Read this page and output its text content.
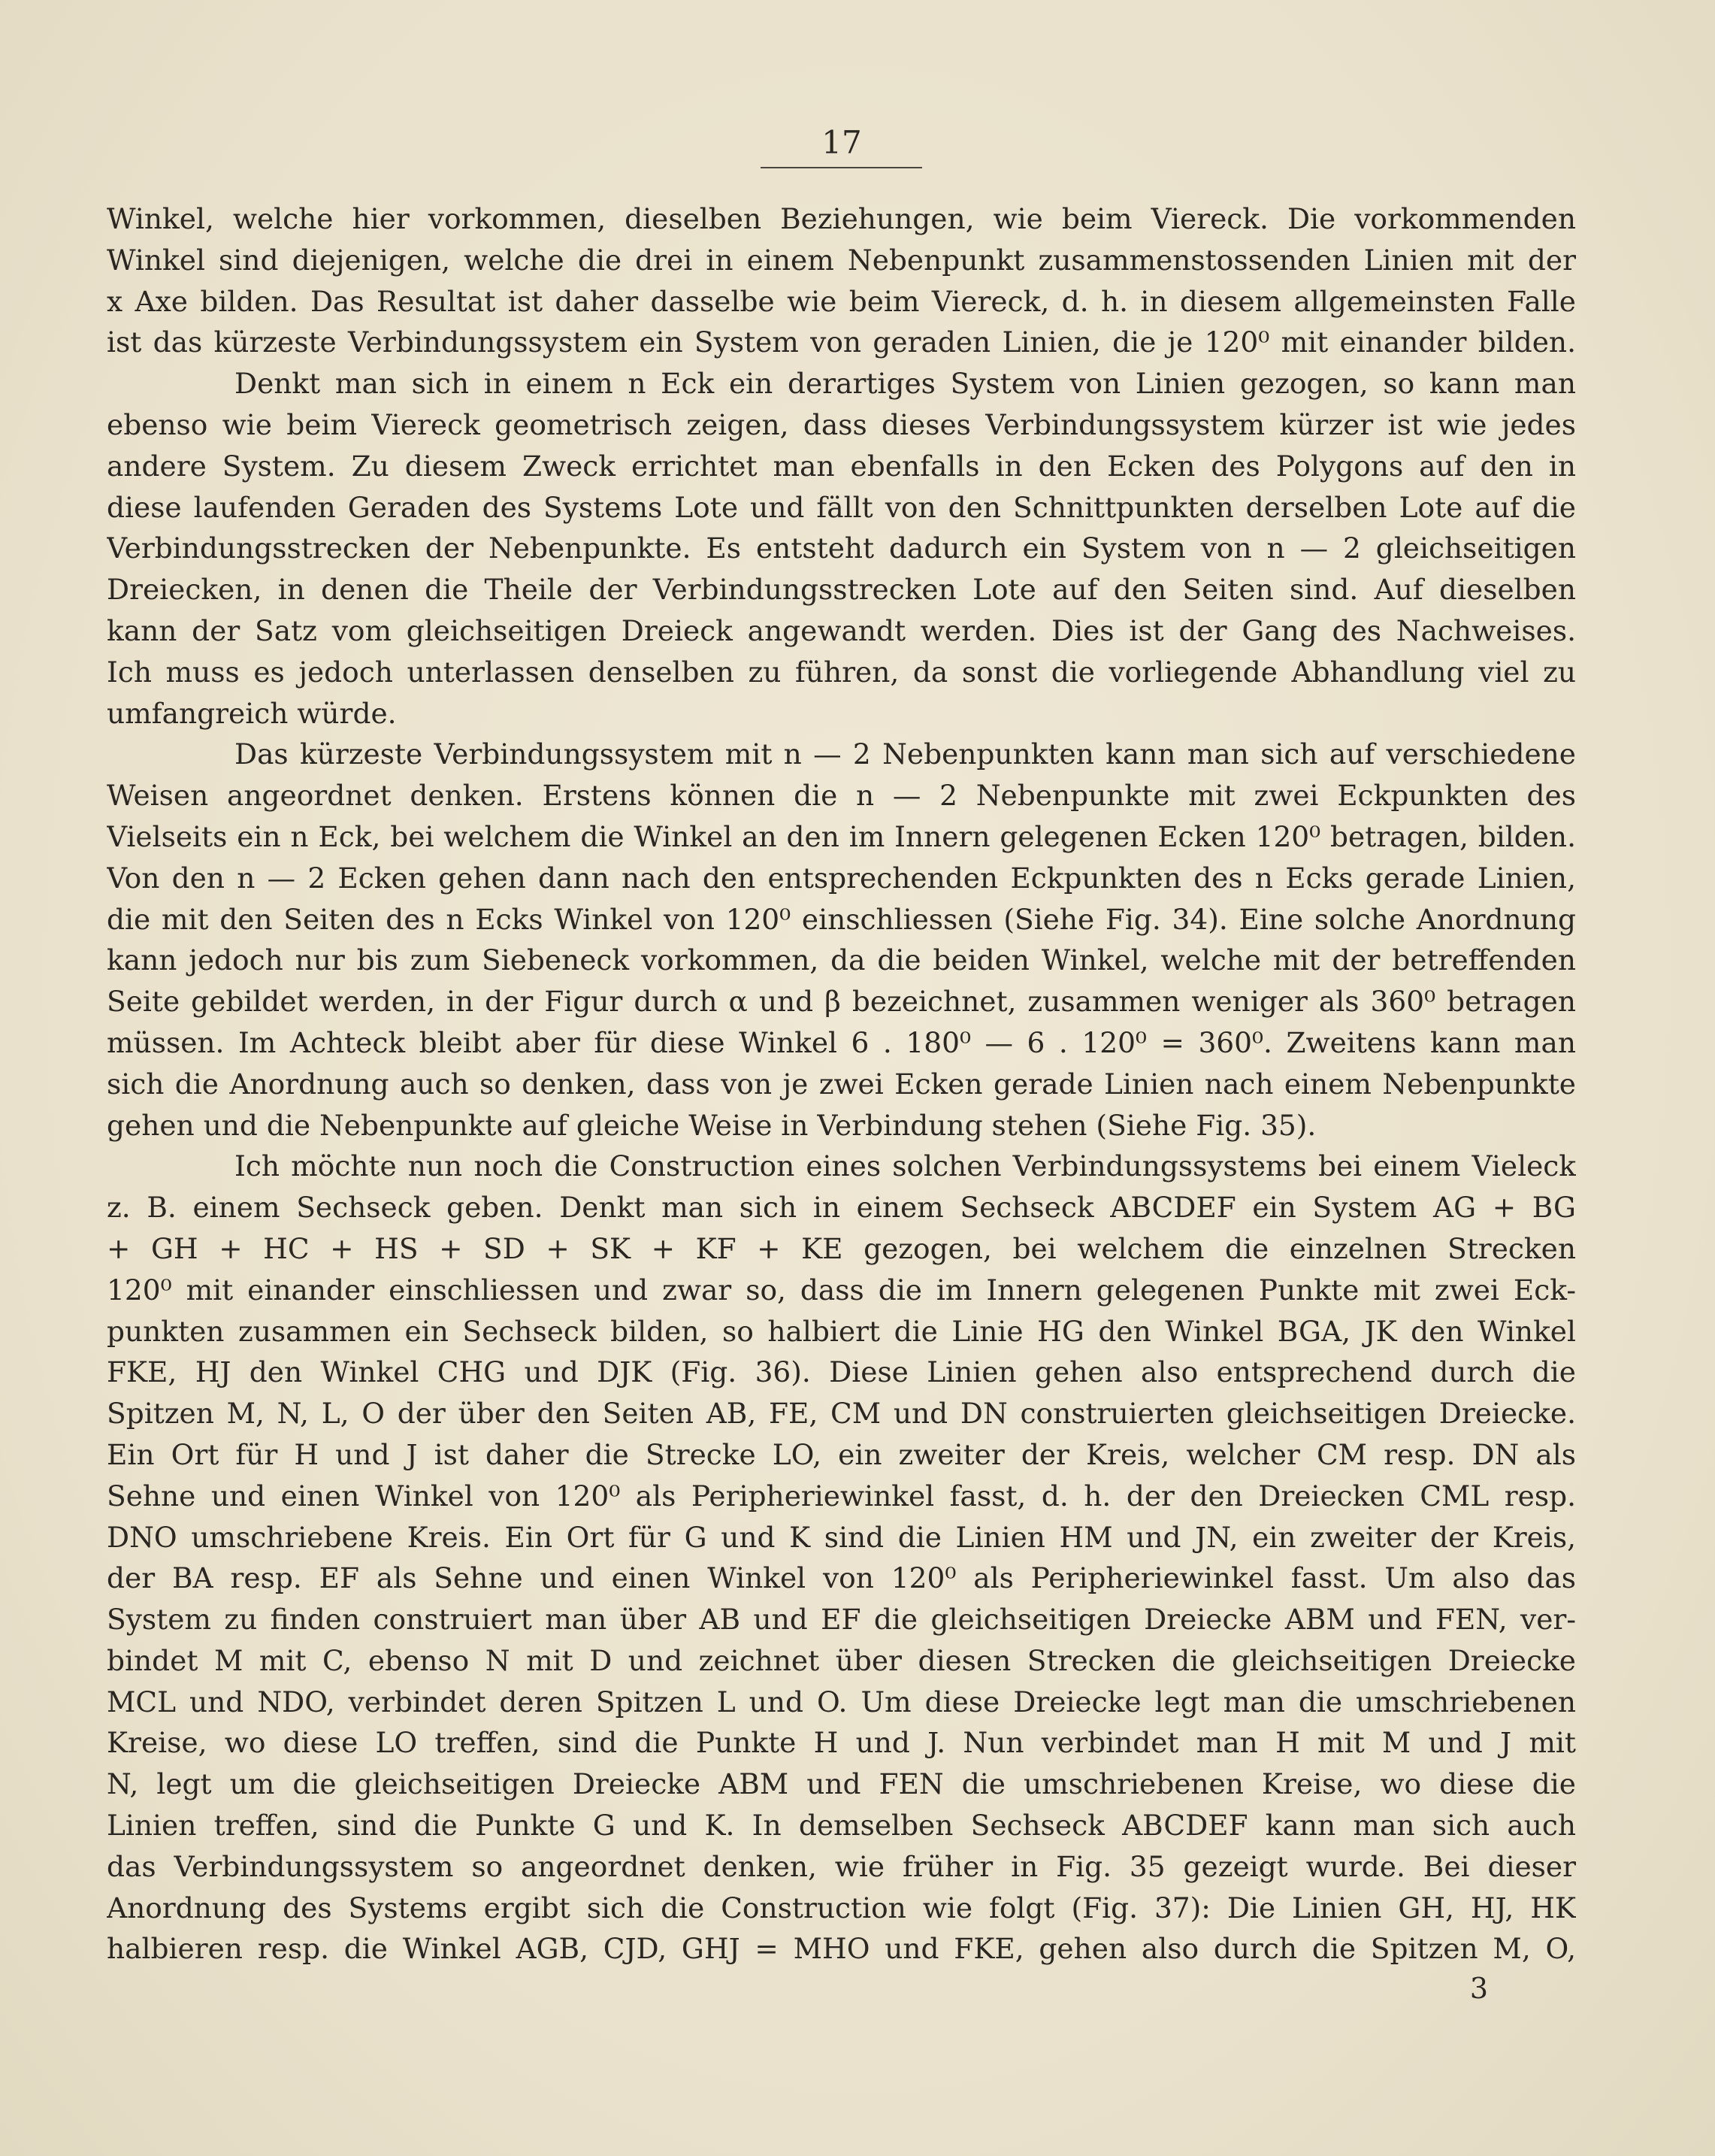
17
Winkel, welche hier vorkommen, dieselben Beziehungen, wie beim Viereck. Die vorkommenden
Winkel sind diejenigen, welche die drei in einem Nebenpunkt zusammenstossenden Linien mit der
x Axe bilden. Das Resultat ist daher dasselbe wie beim Viereck, d. h. in diesem allgemeinsten Falle
ist das kürzeste Verbindungssystem ein System von geraden Linien, die je 120⁰ mit einander bilden.
Denkt man sich in einem n Eck ein derartiges System von Linien gezogen, so kann man
ebenso wie beim Viereck geometrisch zeigen, dass dieses Verbindungssystem kürzer ist wie jedes
andere System. Zu diesem Zweck errichtet man ebenfalls in den Ecken des Polygons auf den in
diese laufenden Geraden des Systems Lote und fällt von den Schnittpunkten derselben Lote auf die
Verbindungsstrecken der Nebenpunkte. Es entsteht dadurch ein System von n — 2 gleichseitigen
Dreiecken, in denen die Theile der Verbindungsstrecken Lote auf den Seiten sind. Auf dieselben
kann der Satz vom gleichseitigen Dreieck angewandt werden. Dies ist der Gang des Nachweises.
Ich muss es jedoch unterlassen denselben zu führen, da sonst die vorliegende Abhandlung viel zu
umfangreich würde.
Das kürzeste Verbindungssystem mit n — 2 Nebenpunkten kann man sich auf verschiedene
Weisen angeordnet denken. Erstens können die n — 2 Nebenpunkte mit zwei Eckpunkten des
Vielseits ein n Eck, bei welchem die Winkel an den im Innern gelegenen Ecken 120⁰ betragen, bilden.
Von den n — 2 Ecken gehen dann nach den entsprechenden Eckpunkten des n Ecks gerade Linien,
die mit den Seiten des n Ecks Winkel von 120⁰ einschliessen (Siehe Fig. 34). Eine solche Anordnung
kann jedoch nur bis zum Siebeneck vorkommen, da die beiden Winkel, welche mit der betreffenden
Seite gebildet werden, in der Figur durch α und β bezeichnet, zusammen weniger als 360⁰ betragen
müssen. Im Achteck bleibt aber für diese Winkel 6 . 180⁰ — 6 . 120⁰ = 360⁰. Zweitens kann man
sich die Anordnung auch so denken, dass von je zwei Ecken gerade Linien nach einem Nebenpunkte
gehen und die Nebenpunkte auf gleiche Weise in Verbindung stehen (Siehe Fig. 35).
Ich möchte nun noch die Construction eines solchen Verbindungssystems bei einem Vieleck
z. B. einem Sechseck geben. Denkt man sich in einem Sechseck ABCDEF ein System AG + BG
+ GH + HC + HS + SD + SK + KF + KE gezogen, bei welchem die einzelnen Strecken
120⁰ mit einander einschliessen und zwar so, dass die im Innern gelegenen Punkte mit zwei Eck-
punkten zusammen ein Sechseck bilden, so halbiert die Linie HG den Winkel BGA, JK den Winkel
FKE, HJ den Winkel CHG und DJK (Fig. 36). Diese Linien gehen also entsprechend durch die
Spitzen M, N, L, O der über den Seiten AB, FE, CM und DN construierten gleichseitigen Dreiecke.
Ein Ort für H und J ist daher die Strecke LO, ein zweiter der Kreis, welcher CM resp. DN als
Sehne und einen Winkel von 120⁰ als Peripheriewinkel fasst, d. h. der den Dreiecken CML resp.
DNO umschriebene Kreis. Ein Ort für G und K sind die Linien HM und JN, ein zweiter der Kreis,
der BA resp. EF als Sehne und einen Winkel von 120⁰ als Peripheriewinkel fasst. Um also das
System zu finden construiert man über AB und EF die gleichseitigen Dreiecke ABM und FEN, ver-
bindet M mit C, ebenso N mit D und zeichnet über diesen Strecken die gleichseitigen Dreiecke
MCL und NDO, verbindet deren Spitzen L und O. Um diese Dreiecke legt man die umschriebenen
Kreise, wo diese LO treffen, sind die Punkte H und J. Nun verbindet man H mit M und J mit
N, legt um die gleichseitigen Dreiecke ABM und FEN die umschriebenen Kreise, wo diese die
Linien treffen, sind die Punkte G und K. In demselben Sechseck ABCDEF kann man sich auch
das Verbindungssystem so angeordnet denken, wie früher in Fig. 35 gezeigt wurde. Bei dieser
Anordnung des Systems ergibt sich die Construction wie folgt (Fig. 37): Die Linien GH, HJ, HK
halbieren resp. die Winkel AGB, CJD, GHJ = MHO und FKE, gehen also durch die Spitzen M, O,
3
